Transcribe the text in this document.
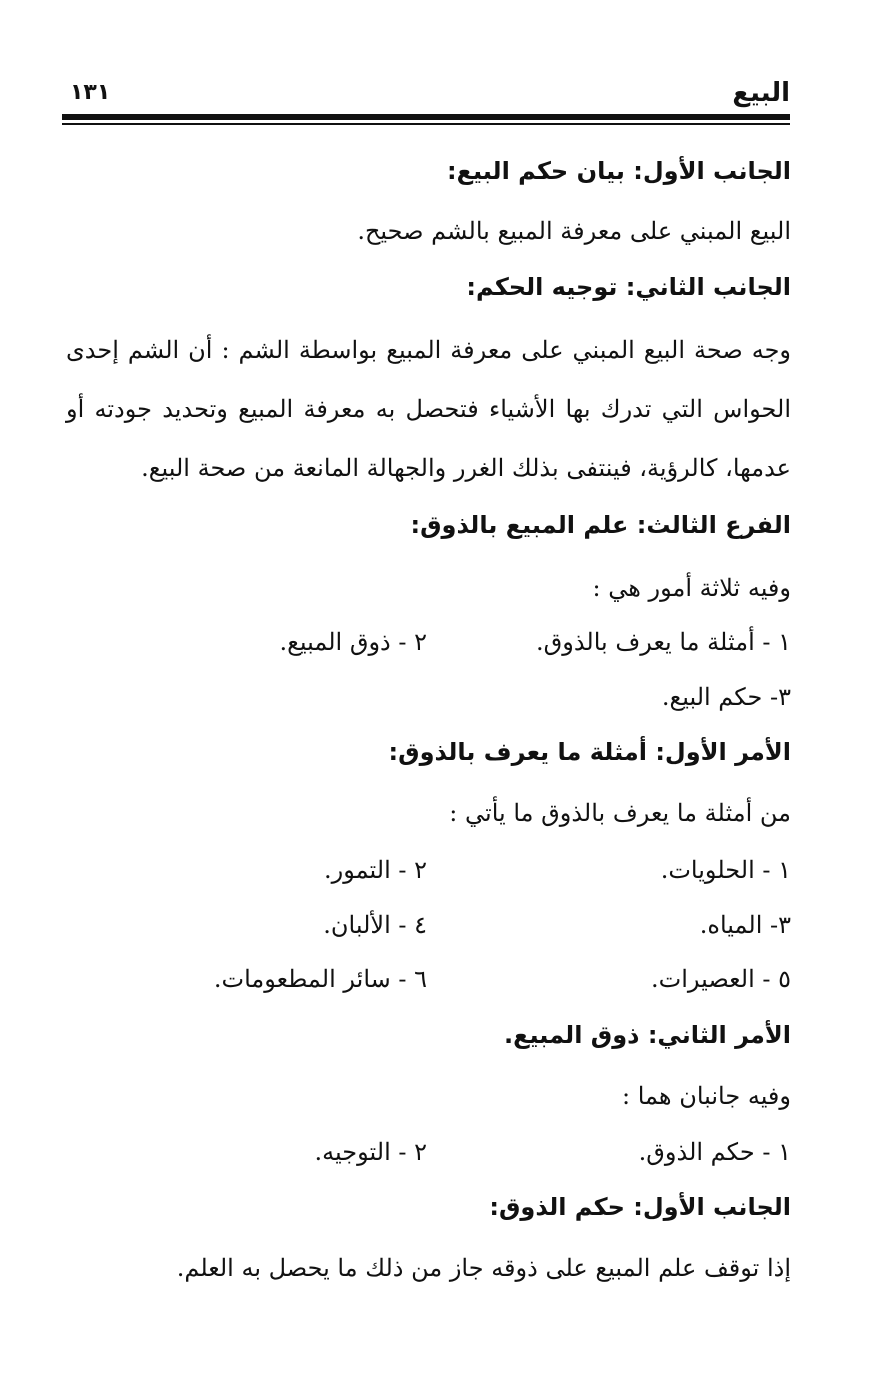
البيع
١٣١
الجانب الأول: بيان حكم البيع:
البيع المبني على معرفة المبيع بالشم صحيح.
الجانب الثاني: توجيه الحكم:
وجه صحة البيع المبني على معرفة المبيع بواسطة الشم : أن الشم إحدى
الحواس التي تدرك بها الأشياء فتحصل به معرفة المبيع وتحديد جودته أو
عدمها، كالرؤية، فينتفى بذلك الغرر والجهالة المانعة من صحة البيع.
الفرع الثالث: علم المبيع بالذوق:
وفيه ثلاثة أمور هي :
١ - أمثلة ما يعرف بالذوق.
٢ - ذوق المبيع.
٣- حكم البيع.
الأمر الأول: أمثلة ما يعرف بالذوق:
من أمثلة ما يعرف بالذوق ما يأتي :
١ - الحلويات.
٢ - التمور.
٣- المياه.
٤ - الألبان.
٥ - العصيرات.
٦ - سائر المطعومات.
الأمر الثاني: ذوق المبيع.
وفيه جانبان هما :
١ - حكم الذوق.
٢ - التوجيه.
الجانب الأول: حكم الذوق:
إذا توقف علم المبيع على ذوقه جاز من ذلك ما يحصل به العلم.
